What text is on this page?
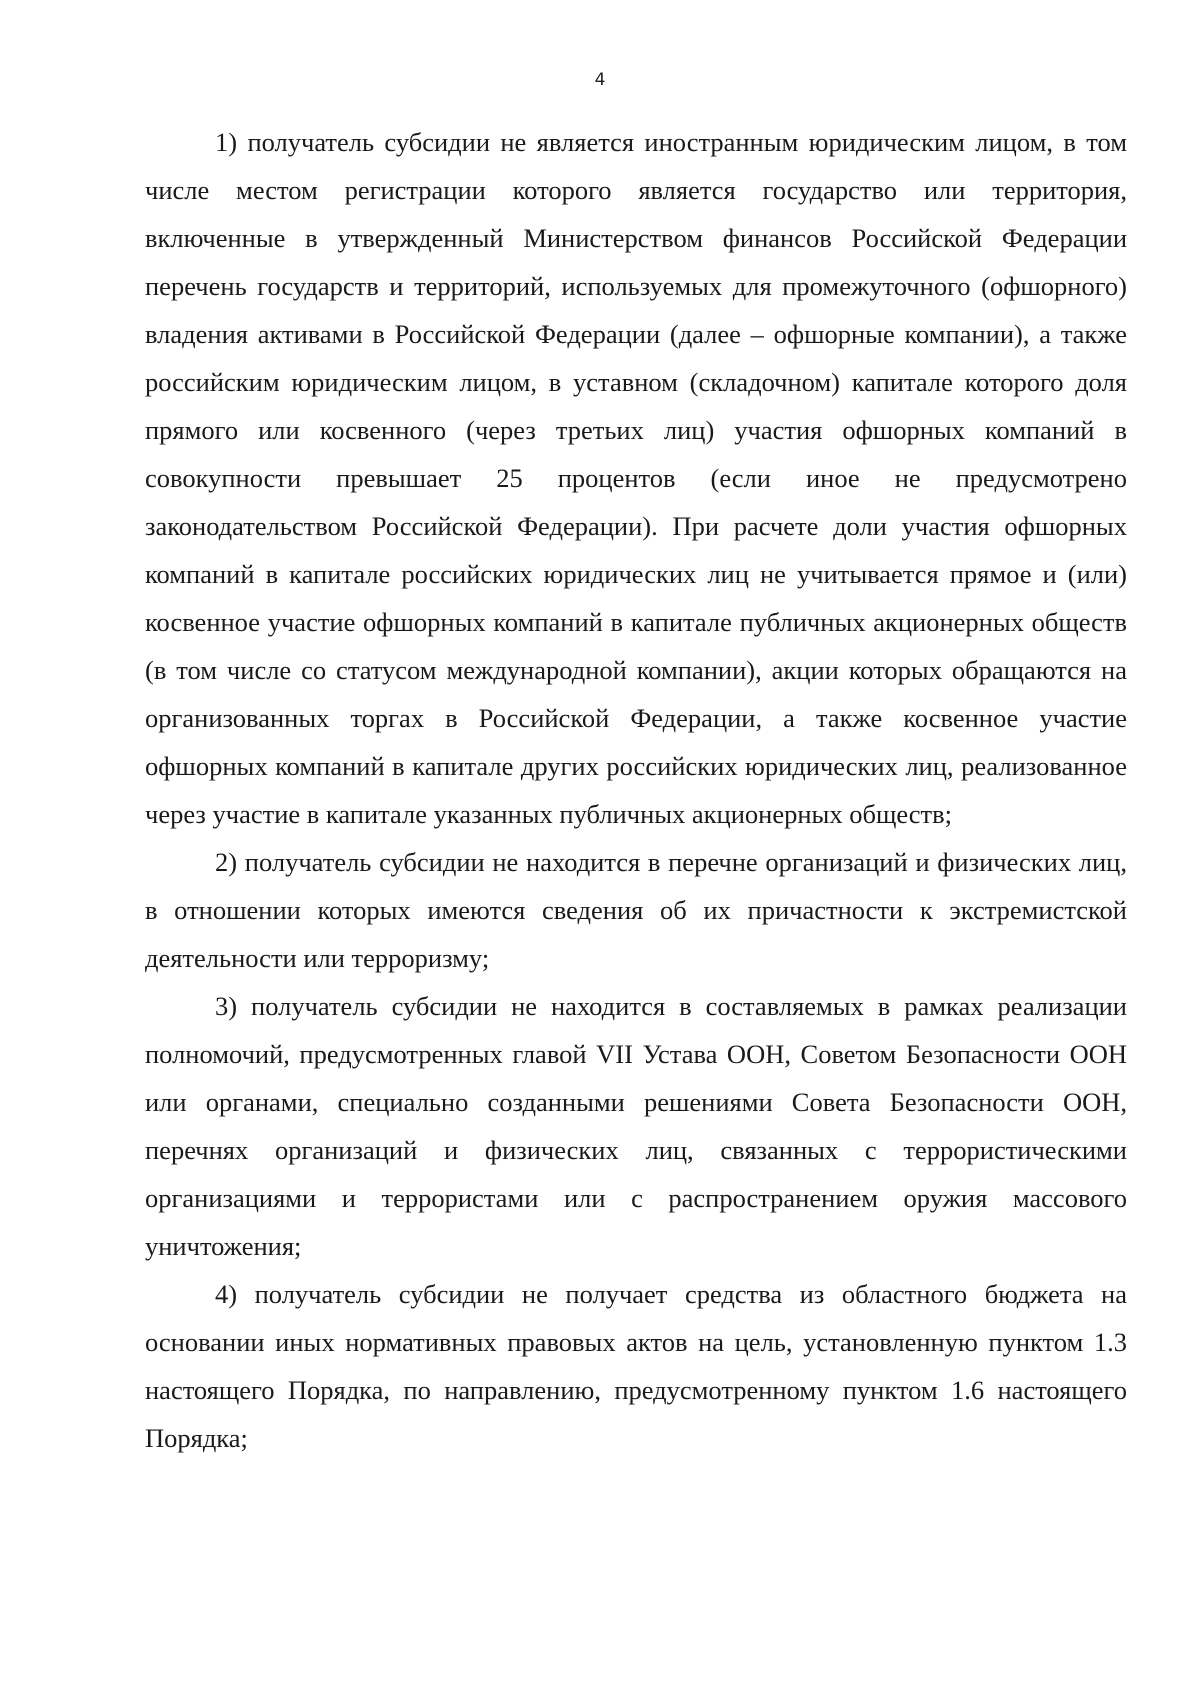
4

1) получатель субсидии не является иностранным юридическим лицом, в том числе местом регистрации которого является государство или территория, включенные в утвержденный Министерством финансов Российской Федерации перечень государств и территорий, используемых для промежуточного (офшорного) владения активами в Российской Федерации (далее – офшорные компании), а также российским юридическим лицом, в уставном (складочном) капитале которого доля прямого или косвенного (через третьих лиц) участия офшорных компаний в совокупности превышает 25 процентов (если иное не предусмотрено законодательством Российской Федерации). При расчете доли участия офшорных компаний в капитале российских юридических лиц не учитывается прямое и (или) косвенное участие офшорных компаний в капитале публичных акционерных обществ (в том числе со статусом международной компании), акции которых обращаются на организованных торгах в Российской Федерации, а также косвенное участие офшорных компаний в капитале других российских юридических лиц, реализованное через участие в капитале указанных публичных акционерных обществ;

2) получатель субсидии не находится в перечне организаций и физических лиц, в отношении которых имеются сведения об их причастности к экстремистской деятельности или терроризму;

3) получатель субсидии не находится в составляемых в рамках реализации полномочий, предусмотренных главой VII Устава ООН, Советом Безопасности ООН или органами, специально созданными решениями Совета Безопасности ООН, перечнях организаций и физических лиц, связанных с террористическими организациями и террористами или с распространением оружия массового уничтожения;

4) получатель субсидии не получает средства из областного бюджета на основании иных нормативных правовых актов на цель, установленную пунктом 1.3 настоящего Порядка, по направлению, предусмотренному пунктом 1.6 настоящего Порядка;
